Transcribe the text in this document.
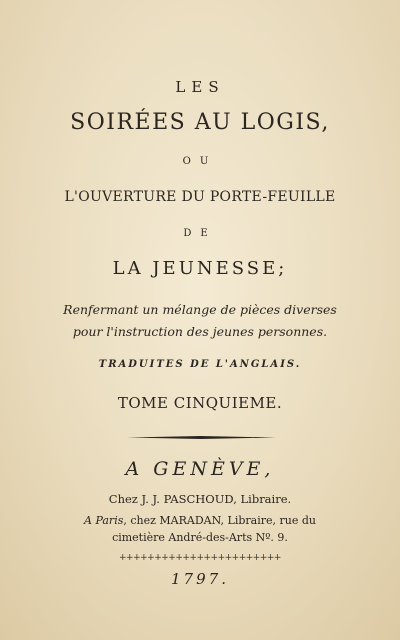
LES
SOIRÉES AU LOGIS,
OU
L'OUVERTURE DU PORTE-FEUILLE
DE
LA JEUNESSE;
Renfermant un mélange de pièces diverses
pour l'instruction des jeunes personnes.
TRADUITES DE L'ANGLAIS.
TOME CINQUIEME.
A GENÈVE,
Chez J. J. PASCHOUD, Libraire.
A Paris, chez MARADAN, Libraire, rue du
cimetière André-des-Arts Nº. 9.
+++++++++++++++++++++++
1797.
